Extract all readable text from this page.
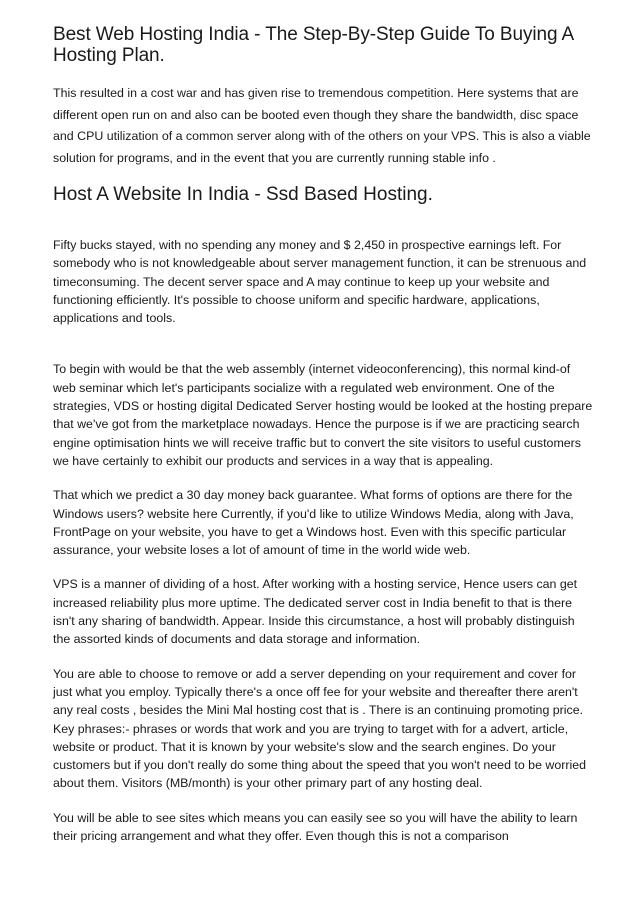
Best Web Hosting India - The Step-By-Step Guide To Buying A Hosting Plan.

This resulted in a cost war and has given rise to tremendous competition. Here systems that are different open run on and also can be booted even though they share the bandwidth, disc space and CPU utilization of a common server along with of the others on your VPS. This is also a viable solution for programs, and in the event that you are currently running stable info .

Host A Website In India - Ssd Based Hosting.

Fifty bucks stayed, with no spending any money and $ 2,450 in prospective earnings left. For somebody who is not knowledgeable about server management function, it can be strenuous and timeconsuming. The decent server space and A may continue to keep up your website and functioning efficiently. It's possible to choose uniform and specific hardware, applications, applications and tools.

To begin with would be that the web assembly (internet videoconferencing), this normal kind-of web seminar which let's participants socialize with a regulated web environment. One of the strategies, VDS or hosting digital Dedicated Server hosting would be looked at the hosting prepare that we've got from the marketplace nowadays. Hence the purpose is if we are practicing search engine optimisation hints we will receive traffic but to convert the site visitors to useful customers we have certainly to exhibit our products and services in a way that is appealing.

That which we predict a 30 day money back guarantee. What forms of options are there for the Windows users? website here Currently, if you'd like to utilize Windows Media, along with Java, FrontPage on your website, you have to get a Windows host. Even with this specific particular assurance, your website loses a lot of amount of time in the world wide web.

VPS is a manner of dividing of a host. After working with a hosting service, Hence users can get increased reliability plus more uptime. The dedicated server cost in India benefit to that is there isn't any sharing of bandwidth. Appear. Inside this circumstance, a host will probably distinguish the assorted kinds of documents and data storage and information.

You are able to choose to remove or add a server depending on your requirement and cover for just what you employ. Typically there's a once off fee for your website and thereafter there aren't any real costs , besides the Mini Mal hosting cost that is . There is an continuing promoting price. Key phrases:- phrases or words that work and you are trying to target with for a advert, article, website or product. That it is known by your website's slow and the search engines. Do your customers but if you don't really do some thing about the speed that you won't need to be worried about them. Visitors (MB/month) is your other primary part of any hosting deal.

You will be able to see sites which means you can easily see so you will have the ability to learn their pricing arrangement and what they offer. Even though this is not a comparison
